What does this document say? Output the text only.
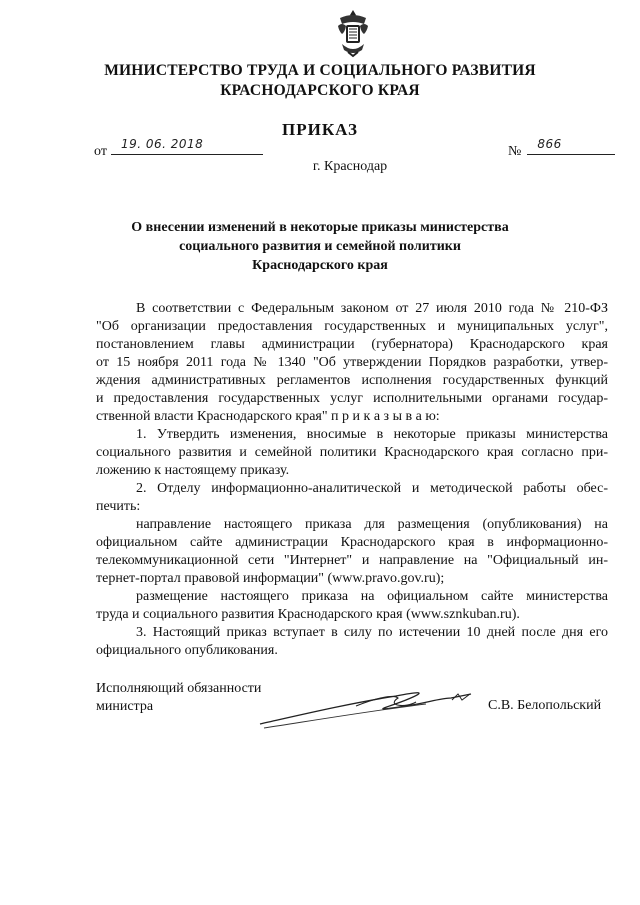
МИНИСТЕРСТВО ТРУДА И СОЦИАЛЬНОГО РАЗВИТИЯ
КРАСНОДАРСКОГО КРАЯ
ПРИКАЗ
от 19. 06. 2018	№ 866
г. Краснодар
О внесении изменений в некоторые приказы министерства
социального развития и семейной политики
Краснодарского края

В соответствии с Федеральным законом от 27 июля 2010 года № 210-ФЗ

"Об организации предоставления государственных и муниципальных услуг",

постановлением главы администрации (губернатора) Краснодарского края

от 15 ноября 2011 года № 1340 "Об утверждении Порядков разработки, утвер-

ждения административных регламентов исполнения государственных функций

и предоставления государственных услуг исполнительными органами государ-

ственной власти Краснодарского края" п р и к а з ы в а ю:

1. Утвердить изменения, вносимые в некоторые приказы министерства

социального развития и семейной политики Краснодарского края согласно при-

ложению к настоящему приказу.

2. Отделу информационно-аналитической и методической работы обес-

печить:

направление настоящего приказа для размещения (опубликования) на

официальном сайте администрации Краснодарского края в информационно-

телекоммуникационной сети "Интернет" и направление на "Официальный ин-

тернет-портал правовой информации" (www.pravo.gov.ru);

размещение настоящего приказа на официальном сайте министерства

труда и социального развития Краснодарского края (www.sznkuban.ru).

3. Настоящий приказ вступает в силу по истечении 10 дней после дня его

официального опубликования.

Исполняющий обязанности
министра	С.В. Белопольский
